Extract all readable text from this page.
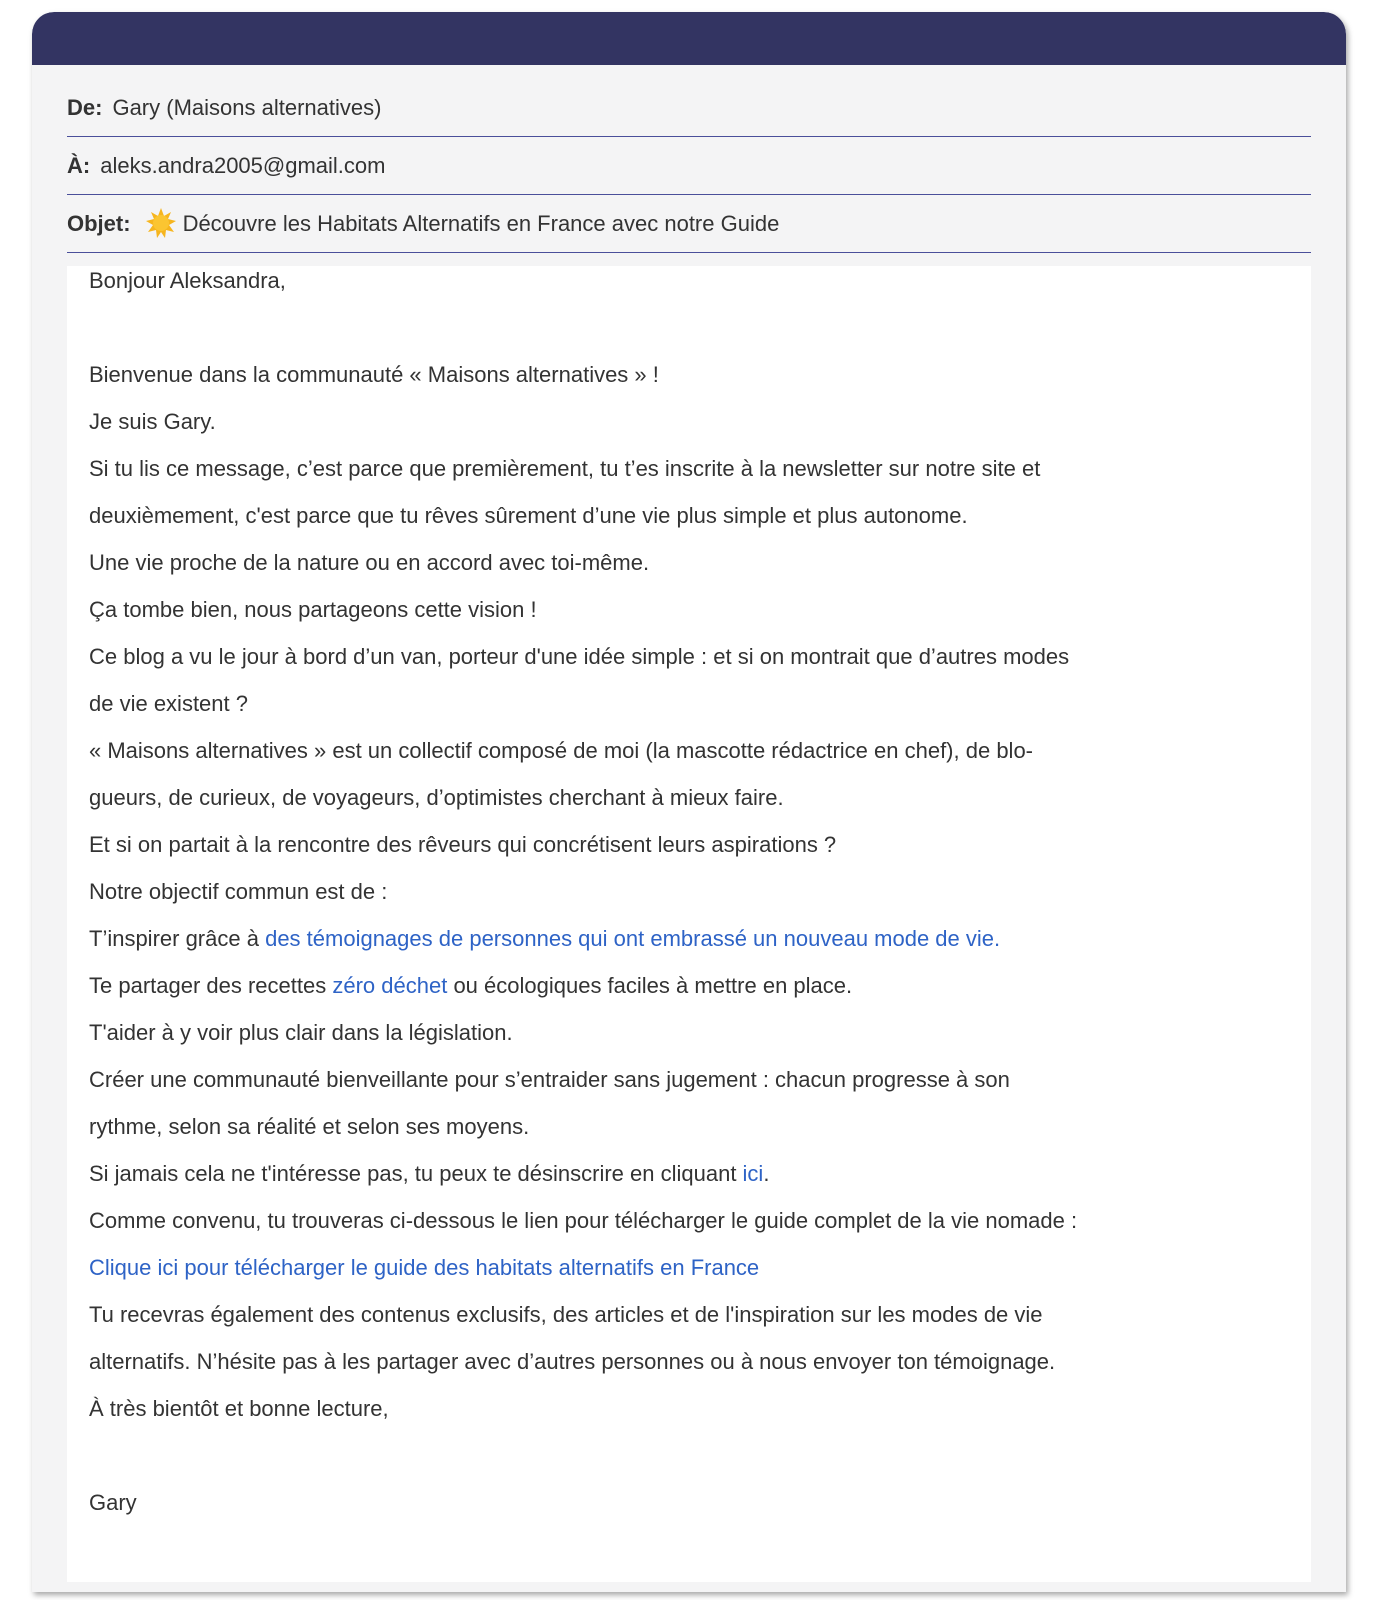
De: Gary (Maisons alternatives)
À: aleks.andra2005@gmail.com
Objet: Découvre les Habitats Alternatifs en France avec notre Guide
Bonjour Aleksandra,
Bienvenue dans la communauté « Maisons alternatives » !
Je suis Gary.
Si tu lis ce message, c’est parce que premièrement, tu t’es inscrite à la newsletter sur notre site et
deuxièmement, c'est parce que tu rêves sûrement d’une vie plus simple et plus autonome.
Une vie proche de la nature ou en accord avec toi-même.
Ça tombe bien, nous partageons cette vision !
Ce blog a vu le jour à bord d’un van, porteur d'une idée simple : et si on montrait que d’autres modes
de vie existent ?
« Maisons alternatives » est un collectif composé de moi (la mascotte rédactrice en chef), de blo-
gueurs, de curieux, de voyageurs, d’optimistes cherchant à mieux faire.
Et si on partait à la rencontre des rêveurs qui concrétisent leurs aspirations ?
Notre objectif commun est de :
T’inspirer grâce à des témoignages de personnes qui ont embrassé un nouveau mode de vie.
Te partager des recettes zéro déchet ou écologiques faciles à mettre en place.
T'aider à y voir plus clair dans la législation.
Créer une communauté bienveillante pour s’entraider sans jugement : chacun progresse à son
rythme, selon sa réalité et selon ses moyens.
Si jamais cela ne t'intéresse pas, tu peux te désinscrire en cliquant ici.
Comme convenu, tu trouveras ci-dessous le lien pour télécharger le guide complet de la vie nomade :
Clique ici pour télécharger le guide des habitats alternatifs en France
Tu recevras également des contenus exclusifs, des articles et de l'inspiration sur les modes de vie
alternatifs. N’hésite pas à les partager avec d’autres personnes ou à nous envoyer ton témoignage.
À très bientôt et bonne lecture,
Gary
